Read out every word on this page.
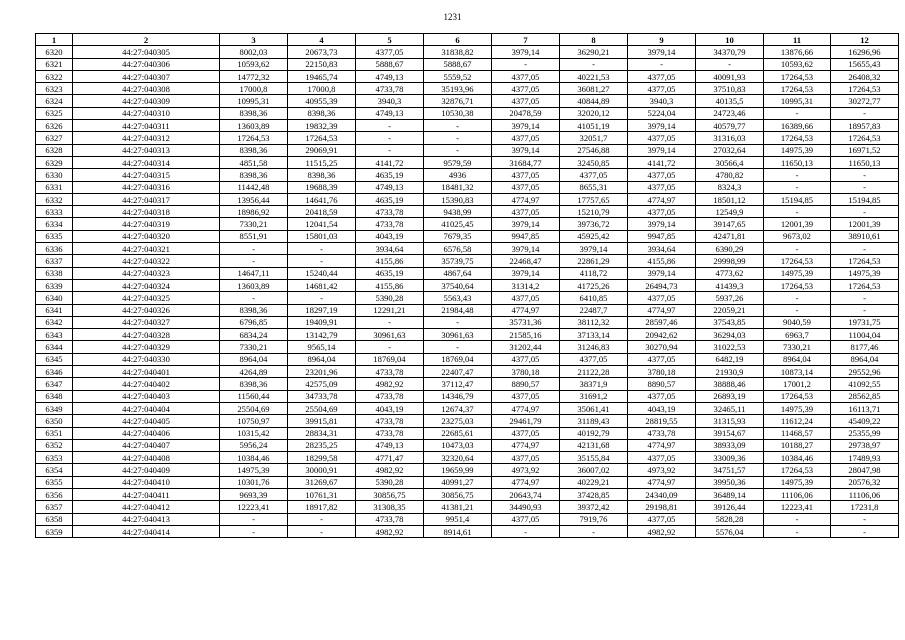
1231
1	2	3	4	5	6	7	8	9	10	11	12
6320	44:27:040305	8002,03	20673,73	4377,05	31838,82	3979,14	36290,21	3979,14	34370,79	13876,66	16296,96
6321	44:27:040306	10593,62	22150,83	5888,67	5888,67	-	-	-	-	10593,62	15655,43
6322	44:27:040307	14772,32	19465,74	4749,13	5559,52	4377,05	40221,53	4377,05	40091,93	17264,53	26408,32
6323	44:27:040308	17000,8	17000,8	4733,78	35193,96	4377,05	36081,27	4377,05	37510,83	17264,53	17264,53
6324	44:27:040309	10995,31	40955,39	3940,3	32876,71	4377,05	40844,89	3940,3	40135,5	10995,31	30272,77
6325	44:27:040310	8398,36	8398,36	4749,13	10530,38	20478,59	32020,12	5224,04	24723,46	-	-
6326	44:27:040311	13603,89	19832,39	-	-	3979,14	41051,19	3979,14	40579,77	16389,66	18957,83
6327	44:27:040312	17264,53	17264,53	-	-	4377,05	32051,7	4377,05	31316,03	17264,53	17264,53
6328	44:27:040313	8398,36	29069,91	-	-	3979,14	27546,88	3979,14	27032,64	14975,39	16971,52
6329	44:27:040314	4851,58	11515,25	4141,72	9579,59	31684,77	32450,85	4141,72	30566,4	11650,13	11650,13
6330	44:27:040315	8398,36	8398,36	4635,19	4936	4377,05	4377,05	4377,05	4780,82	-	-
6331	44:27:040316	11442,48	19688,39	4749,13	18481,32	4377,05	8655,31	4377,05	8324,3	-	-
6332	44:27:040317	13956,44	14641,76	4635,19	15390,83	4774,97	17757,65	4774,97	18501,12	15194,85	15194,85
6333	44:27:040318	18986,92	20418,59	4733,78	9438,99	4377,05	15210,79	4377,05	12549,9	-	-
6334	44:27:040319	7330,21	12041,54	4733,78	41025,45	3979,14	39736,72	3979,14	39147,65	12001,39	12001,39
6335	44:27:040320	8551,91	15801,03	4043,19	7679,35	9947,85	45925,42	9947,85	42471,81	9673,02	38910,61
6336	44:27:040321	-	-	3934,64	6576,58	3979,14	3979,14	3934,64	6390,29	-	-
6337	44:27:040322	-	-	4155,86	35739,75	22468,47	22861,29	4155,86	29998,99	17264,53	17264,53
6338	44:27:040323	14647,11	15240,44	4635,19	4867,64	3979,14	4118,72	3979,14	4773,62	14975,39	14975,39
6339	44:27:040324	13603,89	14681,42	4155,86	37540,64	31314,2	41725,26	26494,73	41439,3	17264,53	17264,53
6340	44:27:040325	-	-	5390,28	5563,43	4377,05	6410,85	4377,05	5937,26	-	-
6341	44:27:040326	8398,36	18297,19	12291,21	21984,48	4774,97	22487,7	4774,97	22059,21	-	-
6342	44:27:040327	6796,85	19409,91	-	-	35731,36	38112,32	28597,46	37543,85	9040,59	19731,75
6343	44:27:040328	6834,24	13142,79	30961,63	30961,63	21585,16	37133,14	20942,62	36294,03	6963,7	11004,04
6344	44:27:040329	7330,21	9565,14	-	-	31202,44	31246,83	30270,94	31022,53	7330,21	8177,46
6345	44:27:040330	8964,04	8964,04	18769,04	18769,04	4377,05	4377,05	4377,05	6482,19	8964,04	8964,04
6346	44:27:040401	4264,89	23201,96	4733,78	22407,47	3780,18	21122,28	3780,18	21930,9	10873,14	29552,96
6347	44:27:040402	8398,36	42575,09	4982,92	37112,47	8890,57	38371,9	8890,57	38888,46	17001,2	41092,55
6348	44:27:040403	11560,44	34733,78	4733,78	14346,79	4377,05	31691,2	4377,05	26893,19	17264,53	28562,85
6349	44:27:040404	25504,69	25504,69	4043,19	12674,37	4774,97	35061,41	4043,19	32465,11	14975,39	16113,71
6350	44:27:040405	10750,97	39915,81	4733,78	23275,03	29461,79	31189,43	28819,55	31315,93	11612,24	45409,22
6351	44:27:040406	10315,42	28834,31	4733,78	22685,61	4377,05	40192,79	4733,78	39154,67	11468,57	25355,99
6352	44:27:040407	5956,24	28235,25	4749,13	10473,03	4774,97	42131,68	4774,97	38933,09	10188,27	29738,97
6353	44:27:040408	10384,46	18299,58	4771,47	32320,64	4377,05	35155,84	4377,05	33009,36	10384,46	17489,93
6354	44:27:040409	14975,39	30000,91	4982,92	19659,99	4973,92	36007,02	4973,92	34751,57	17264,53	28047,98
6355	44:27:040410	10301,76	31269,67	5390,28	40991,27	4774,97	40229,21	4774,97	39950,36	14975,39	20576,32
6356	44:27:040411	9693,39	10761,31	30856,75	30856,75	20643,74	37428,85	24340,09	36489,14	11106,06	11106,06
6357	44:27:040412	12223,41	18917,82	31308,35	41381,21	34490,93	39372,42	29198,81	39126,44	12223,41	17231,8
6358	44:27:040413	-	-	4733,78	9951,4	4377,05	7919,76	4377,05	5828,28	-	-
6359	44:27:040414	-	-	4982,92	8914,61	-	-	4982,92	5576,04	-	-
